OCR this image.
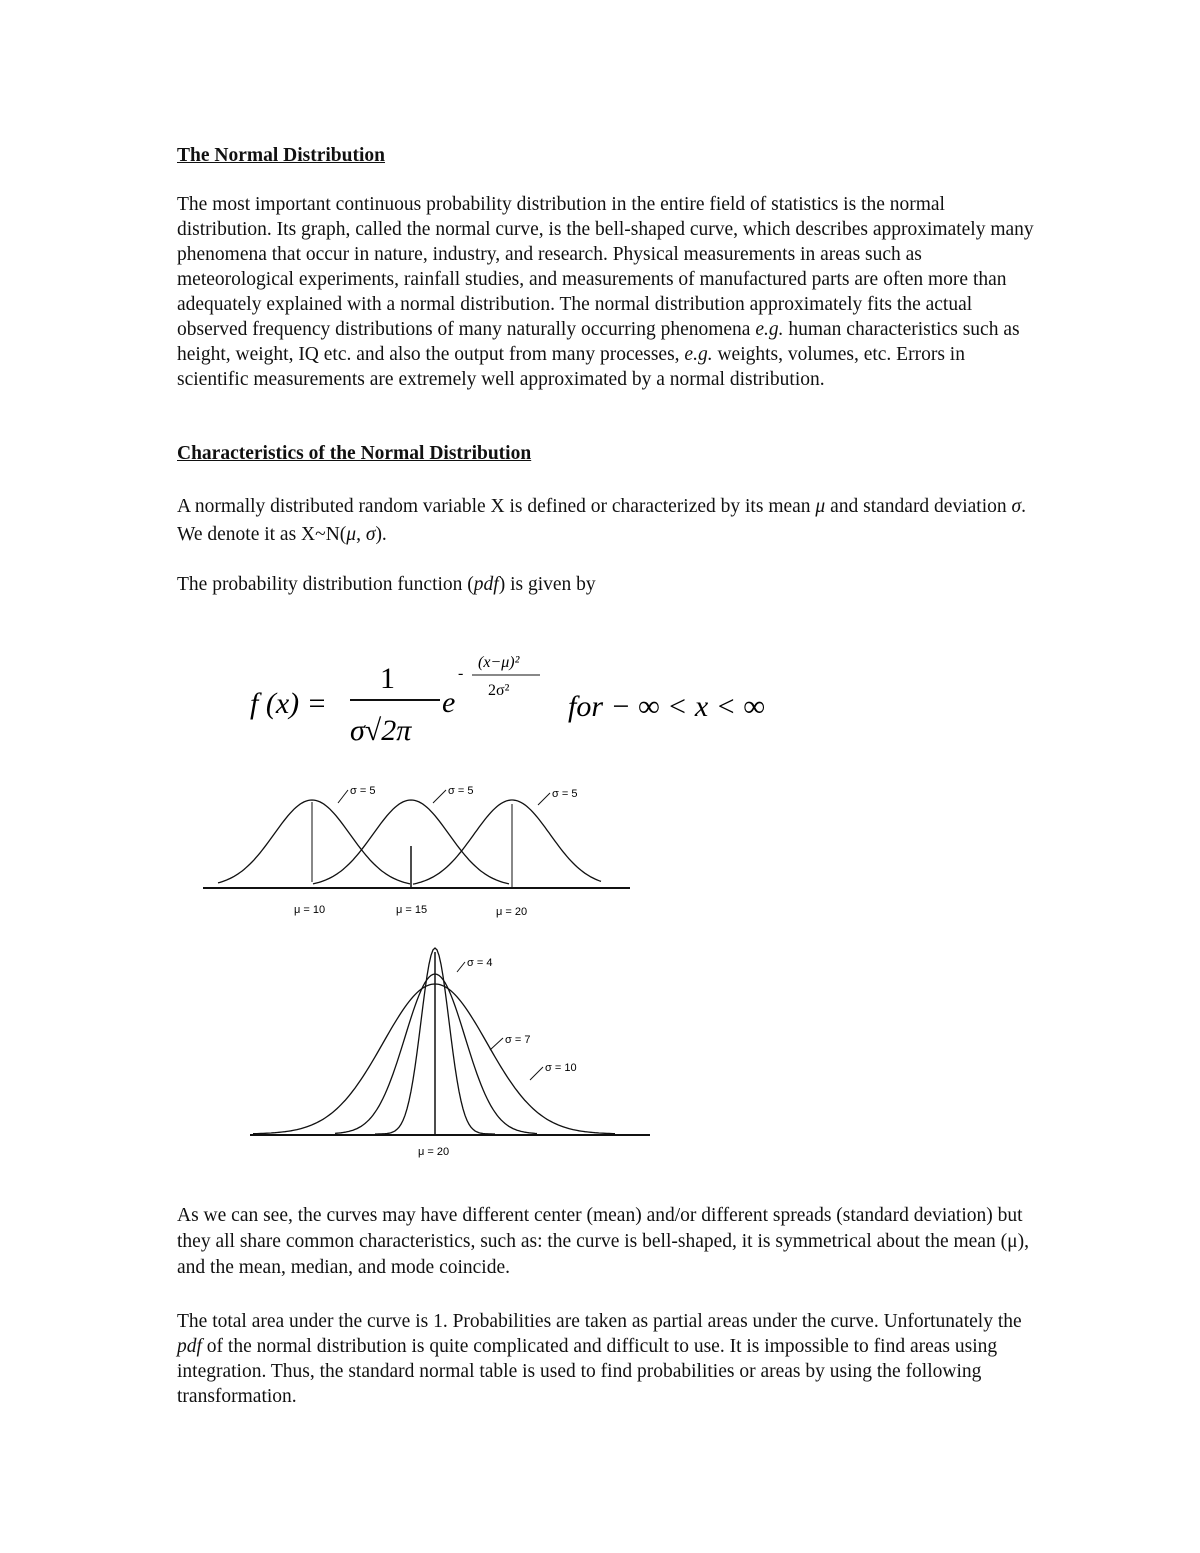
The Normal Distribution

The most important continuous probability distribution in the entire field of statistics is the normal distribution. Its graph, called the normal curve, is the bell-shaped curve, which describes approximately many phenomena that occur in nature, industry, and research. Physical measurements in areas such as meteorological experiments, rainfall studies, and measurements of manufactured parts are often more than adequately explained with a normal distribution. The normal distribution approximately fits the actual observed frequency distributions of many naturally occurring phenomena e.g. human characteristics such as height, weight, IQ etc. and also the output from many processes, e.g. weights, volumes, etc. Errors in scientific measurements are extremely well approximated by a normal distribution.

Characteristics of the Normal Distribution

A normally distributed random variable X is defined or characterized by its mean μ and standard deviation σ. We denote it as X~N(μ, σ).

The probability distribution function (pdf) is given by

f (x) =
1
σ√2π
e
-
(x−μ)²
2σ² for − ∞ < x < ∞
σ = 5	σ = 5	σ = 5
μ = 10	μ = 15	μ = 20
σ = 4
σ = 7
σ = 10
μ = 20

As we can see, the curves may have different center (mean) and/or different spreads (standard deviation) but they all share common characteristics, such as: the curve is bell-shaped, it is symmetrical about the mean (μ), and the mean, median, and mode coincide.

The total area under the curve is 1. Probabilities are taken as partial areas under the curve. Unfortunately the pdf of the normal distribution is quite complicated and difficult to use. It is impossible to find areas using integration. Thus, the standard normal table is used to find probabilities or areas by using the following transformation.
